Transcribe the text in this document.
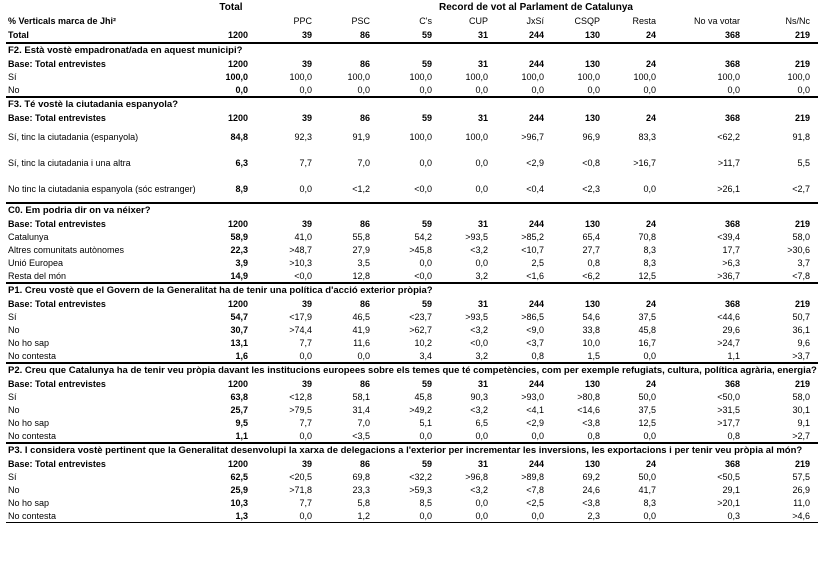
Total	Record de vot al Parlament de Catalunya
% Verticals marca de Jhi²	PPC	PSC	C's	CUP	JxSí	CSQP	Resta	No va votar	Ns/Nc
Total	1200	39	86	59	31	244	130	24	368	219
F2. Està vostè empadronat/ada en aquest municipi?
Base: Total entrevistes	1200	39	86	59	31	244	130	24	368	219
Sí	100,0	100,0	100,0	100,0	100,0	100,0	100,0	100,0	100,0	100,0
No	0,0	0,0	0,0	0,0	0,0	0,0	0,0	0,0	0,0	0,0
F3. Té vostè la ciutadania espanyola?
Base: Total entrevistes	1200	39	86	59	31	244	130	24	368	219
Sí, tinc la ciutadania (espanyola)	84,8	92,3	91,9	100,0	100,0	>96,7	96,9	83,3	<62,2	91,8
Sí, tinc la ciutadania i una altra	6,3	7,7	7,0	0,0	0,0	<2,9	<0,8	>16,7	>11,7	5,5
No tinc la ciutadania espanyola (sóc estranger)	8,9	0,0	<1,2	<0,0	0,0	<0,4	<2,3	0,0	>26,1	<2,7
C0. Em podria dir on va néixer?
Base: Total entrevistes	1200	39	86	59	31	244	130	24	368	219
Catalunya	58,9	41,0	55,8	54,2	>93,5	>85,2	65,4	70,8	<39,4	58,0
Altres comunitats autònomes	22,3	>48,7	27,9	>45,8	<3,2	<10,7	27,7	8,3	17,7	>30,6
Unió Europea	3,9	>10,3	3,5	0,0	0,0	2,5	0,8	8,3	>6,3	3,7
Resta del món	14,9	<0,0	12,8	<0,0	3,2	<1,6	<6,2	12,5	>36,7	<7,8
P1. Creu vostè que el Govern de la Generalitat ha de tenir una política d'acció exterior pròpia?
Base: Total entrevistes	1200	39	86	59	31	244	130	24	368	219
Sí	54,7	<17,9	46,5	<23,7	>93,5	>86,5	54,6	37,5	<44,6	50,7
No	30,7	>74,4	41,9	>62,7	<3,2	<9,0	33,8	45,8	29,6	36,1
No ho sap	13,1	7,7	11,6	10,2	<0,0	<3,7	10,0	16,7	>24,7	9,6
No contesta	1,6	0,0	0,0	3,4	3,2	0,8	1,5	0,0	1,1	>3,7
P2. Creu que Catalunya ha de tenir veu pròpia davant les institucions europees sobre els temes que té competències, com per exemple refugiats, cultura, política agrària, energia?
Base: Total entrevistes	1200	39	86	59	31	244	130	24	368	219
Sí	63,8	<12,8	58,1	45,8	90,3	>93,0	>80,8	50,0	<50,0	58,0
No	25,7	>79,5	31,4	>49,2	<3,2	<4,1	<14,6	37,5	>31,5	30,1
No ho sap	9,5	7,7	7,0	5,1	6,5	<2,9	<3,8	12,5	>17,7	9,1
No contesta	1,1	0,0	<3,5	0,0	0,0	0,0	0,8	0,0	0,8	>2,7
P3. I considera vostè pertinent que la Generalitat desenvolupi la xarxa de delegacions a l'exterior per incrementar les inversions, les exportacions i per tenir veu pròpia al món?
Base: Total entrevistes	1200	39	86	59	31	244	130	24	368	219
Sí	62,5	<20,5	69,8	<32,2	>96,8	>89,8	69,2	50,0	<50,5	57,5
No	25,9	>71,8	23,3	>59,3	<3,2	<7,8	24,6	41,7	29,1	26,9
No ho sap	10,3	7,7	5,8	8,5	0,0	<2,5	<3,8	8,3	>20,1	11,0
No contesta	1,3	0,0	1,2	0,0	0,0	0,0	2,3	0,0	0,3	>4,6
